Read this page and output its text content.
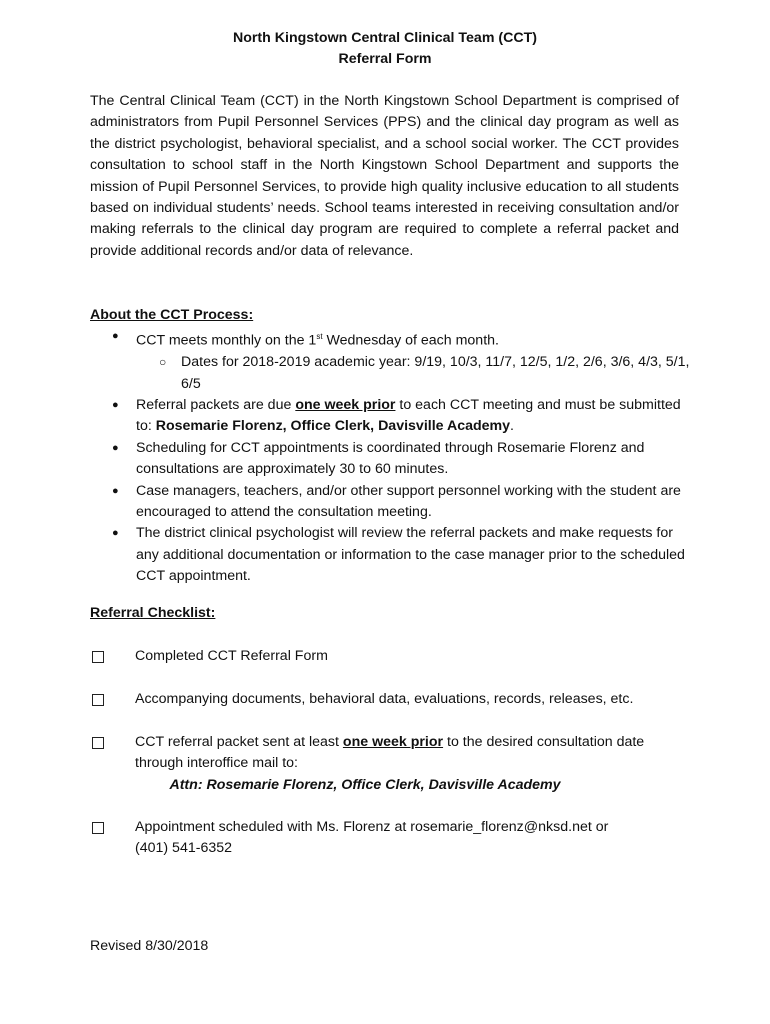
North Kingstown Central Clinical Team (CCT)
Referral Form

The Central Clinical Team (CCT) in the North Kingstown School Department is comprised of administrators from Pupil Personnel Services (PPS) and the clinical day program as well as the district psychologist, behavioral specialist, and a school social worker. The CCT provides consultation to school staff in the North Kingstown School Department and supports the mission of Pupil Personnel Services, to provide high quality inclusive education to all students based on individual students’ needs. School teams interested in receiving consultation and/or making referrals to the clinical day program are required to complete a referral packet and provide additional records and/or data of relevance.

About the CCT Process:
● CCT meets monthly on the 1st Wednesday of each month.
○ Dates for 2018-2019 academic year: 9/19, 10/3, 11/7, 12/5, 1/2, 2/6, 3/6, 4/3, 5/1, 6/5
● Referral packets are due one week prior to each CCT meeting and must be submitted to: Rosemarie Florenz, Office Clerk, Davisville Academy.
● Scheduling for CCT appointments is coordinated through Rosemarie Florenz and consultations are approximately 30 to 60 minutes.
● Case managers, teachers, and/or other support personnel working with the student are encouraged to attend the consultation meeting.
● The district clinical psychologist will review the referral packets and make requests for any additional documentation or information to the case manager prior to the scheduled CCT appointment.
Referral Checklist:
Completed CCT Referral Form
Accompanying documents, behavioral data, evaluations, records, releases, etc.
CCT referral packet sent at least one week prior to the desired consultation date through interoffice mail to:
Attn: Rosemarie Florenz, Office Clerk, Davisville Academy
Appointment scheduled with Ms. Florenz at rosemarie_florenz@nksd.net or
(401) 541-6352
Revised 8/30/2018
